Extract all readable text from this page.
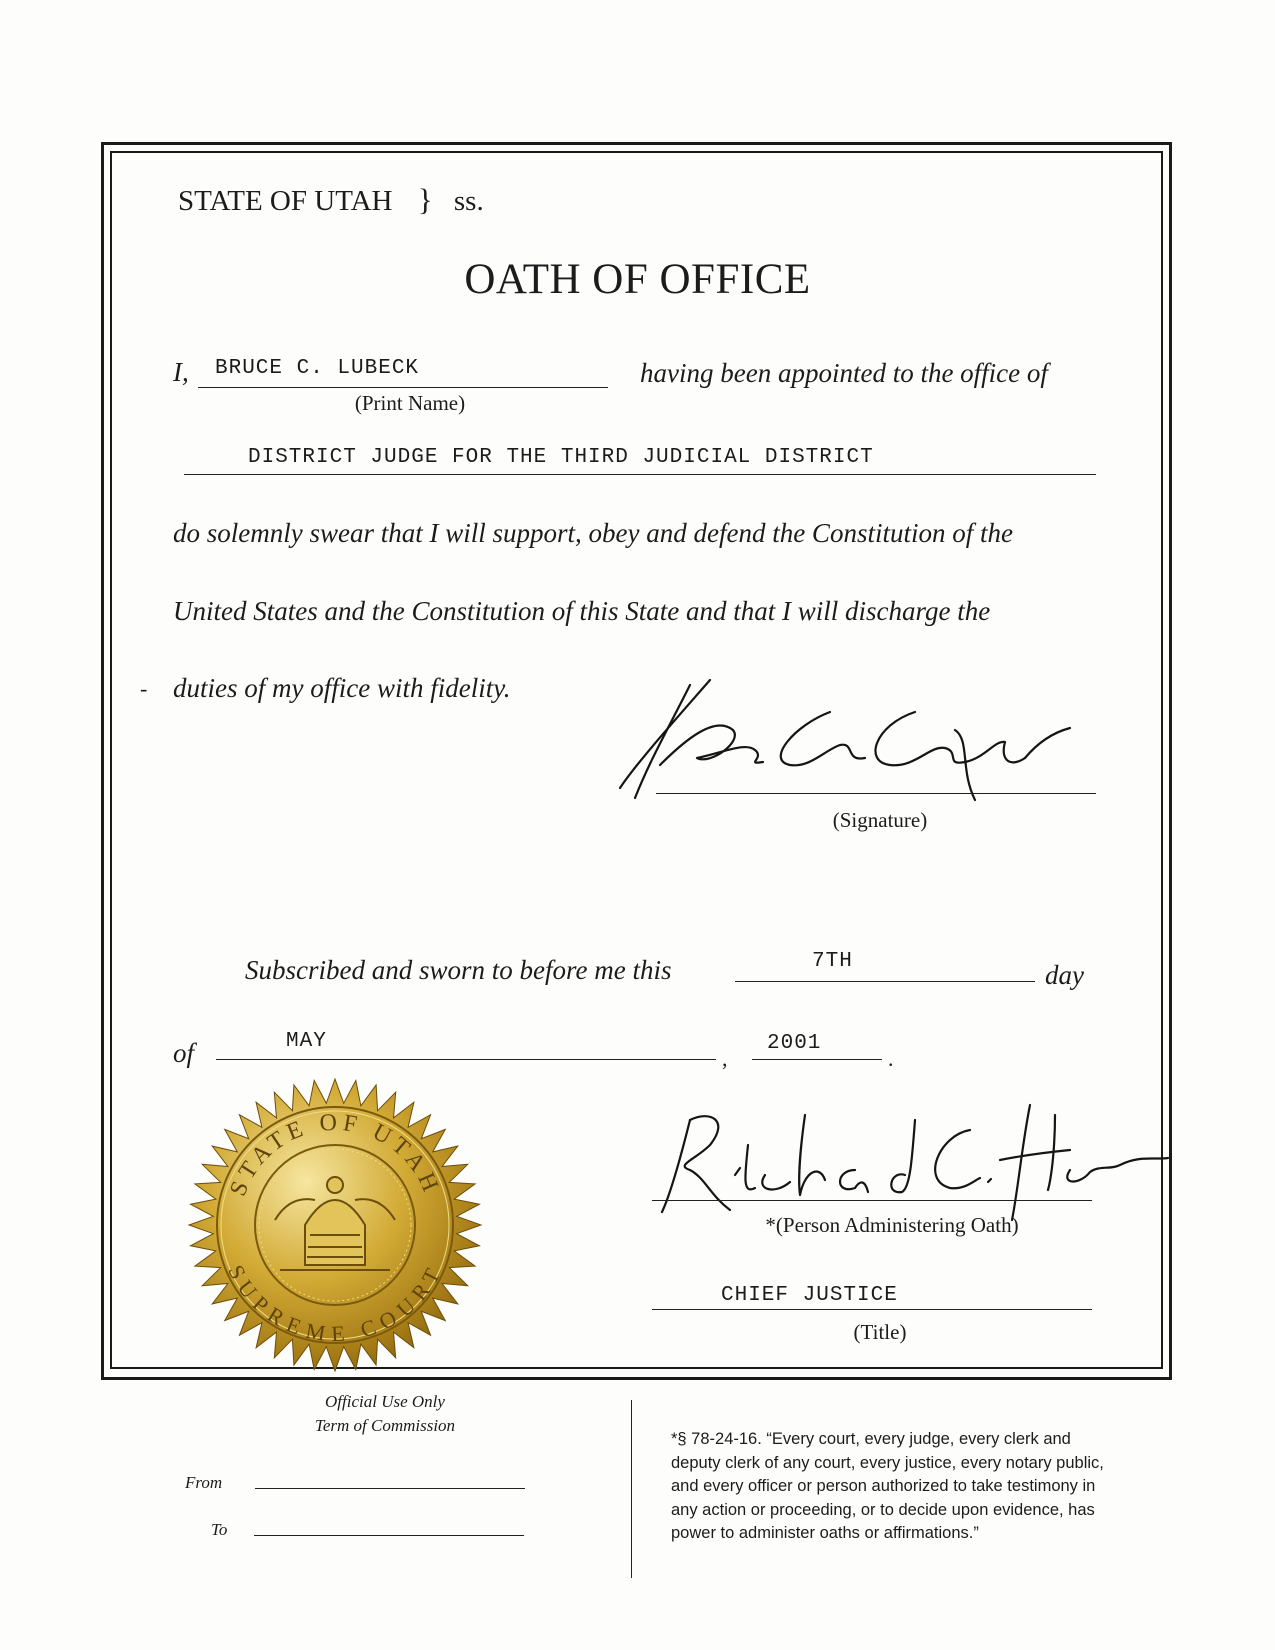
STATE OF UTAH } ss.
OATH OF OFFICE
I, BRUCE C. LUBECK
(Print Name)
having been appointed to the office of
DISTRICT JUDGE FOR THE THIRD JUDICIAL DISTRICT
do solemnly swear that I will support, obey and defend the Constitution of the
United States and the Constitution of this State and that I will discharge the
- duties of my office with fidelity.
(Signature)
Subscribed and sworn to before me this	7TH	day
of	MAY
,
2001
.
STATE OF UTAH
SUPREME COURT
*(Person Administering Oath)
CHIEF JUSTICE
(Title)
Official Use Only
Term of Commission
From
To
*§ 78-24-16. “Every court, every judge, every clerk and
deputy clerk of any court, every justice, every notary public,
and every officer or person authorized to take testimony in
any action or proceeding, or to decide upon evidence, has
power to administer oaths or affirmations.”
